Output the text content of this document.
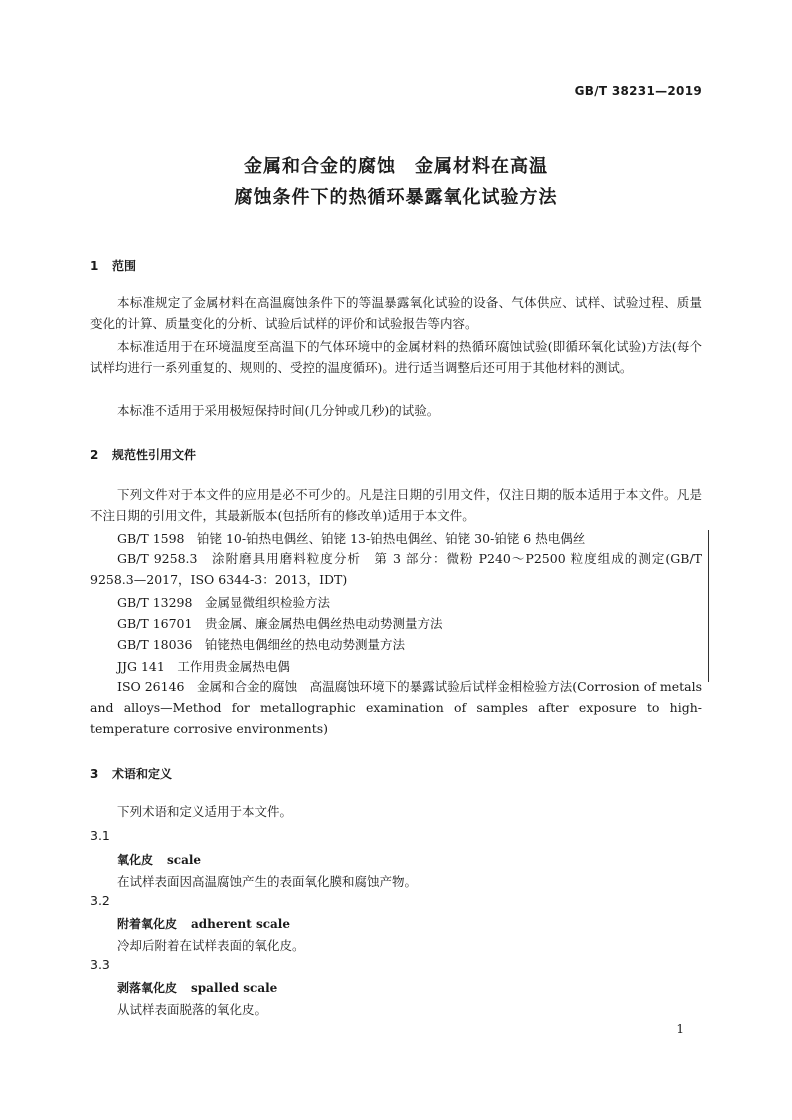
GB/T 38231—2019
金属和合金的腐蚀　金属材料在高温
腐蚀条件下的热循环暴露氧化试验方法
1 范围
本标准规定了金属材料在高温腐蚀条件下的等温暴露氧化试验的设备、气体供应、试样、试验过程、质量变化的计算、质量变化的分析、试验后试样的评价和试验报告等内容。
本标准适用于在环境温度至高温下的气体环境中的金属材料的热循环腐蚀试验(即循环氧化试验)方法(每个试样均进行一系列重复的、规则的、受控的温度循环)。进行适当调整后还可用于其他材料的测试。
本标准不适用于采用极短保持时间(几分钟或几秒)的试验。
2 规范性引用文件
下列文件对于本文件的应用是必不可少的。凡是注日期的引用文件，仅注日期的版本适用于本文件。凡是不注日期的引用文件，其最新版本(包括所有的修改单)适用于本文件。
GB/T 1598　铂铑 10-铂热电偶丝、铂铑 13-铂热电偶丝、铂铑 30-铂铑 6 热电偶丝
GB/T 9258.3　涂附磨具用磨料粒度分析　第 3 部分：微粉 P240～P2500 粒度组成的测定(GB/T 9258.3—2017，ISO 6344-3：2013，IDT)
GB/T 13298　金属显微组织检验方法
GB/T 16701　贵金属、廉金属热电偶丝热电动势测量方法
GB/T 18036　铂铑热电偶细丝的热电动势测量方法
JJG 141　工作用贵金属热电偶
ISO 26146　金属和合金的腐蚀　高温腐蚀环境下的暴露试验后试样金相检验方法(Corrosion of metals and alloys—Method for metallographic examination of samples after exposure to high-temperature corrosive environments)
3 术语和定义
下列术语和定义适用于本文件。
3.1
氧化皮 scale
在试样表面因高温腐蚀产生的表面氧化膜和腐蚀产物。
3.2
附着氧化皮 adherent scale
冷却后附着在试样表面的氧化皮。
3.3
剥落氧化皮 spalled scale
从试样表面脱落的氧化皮。
1
